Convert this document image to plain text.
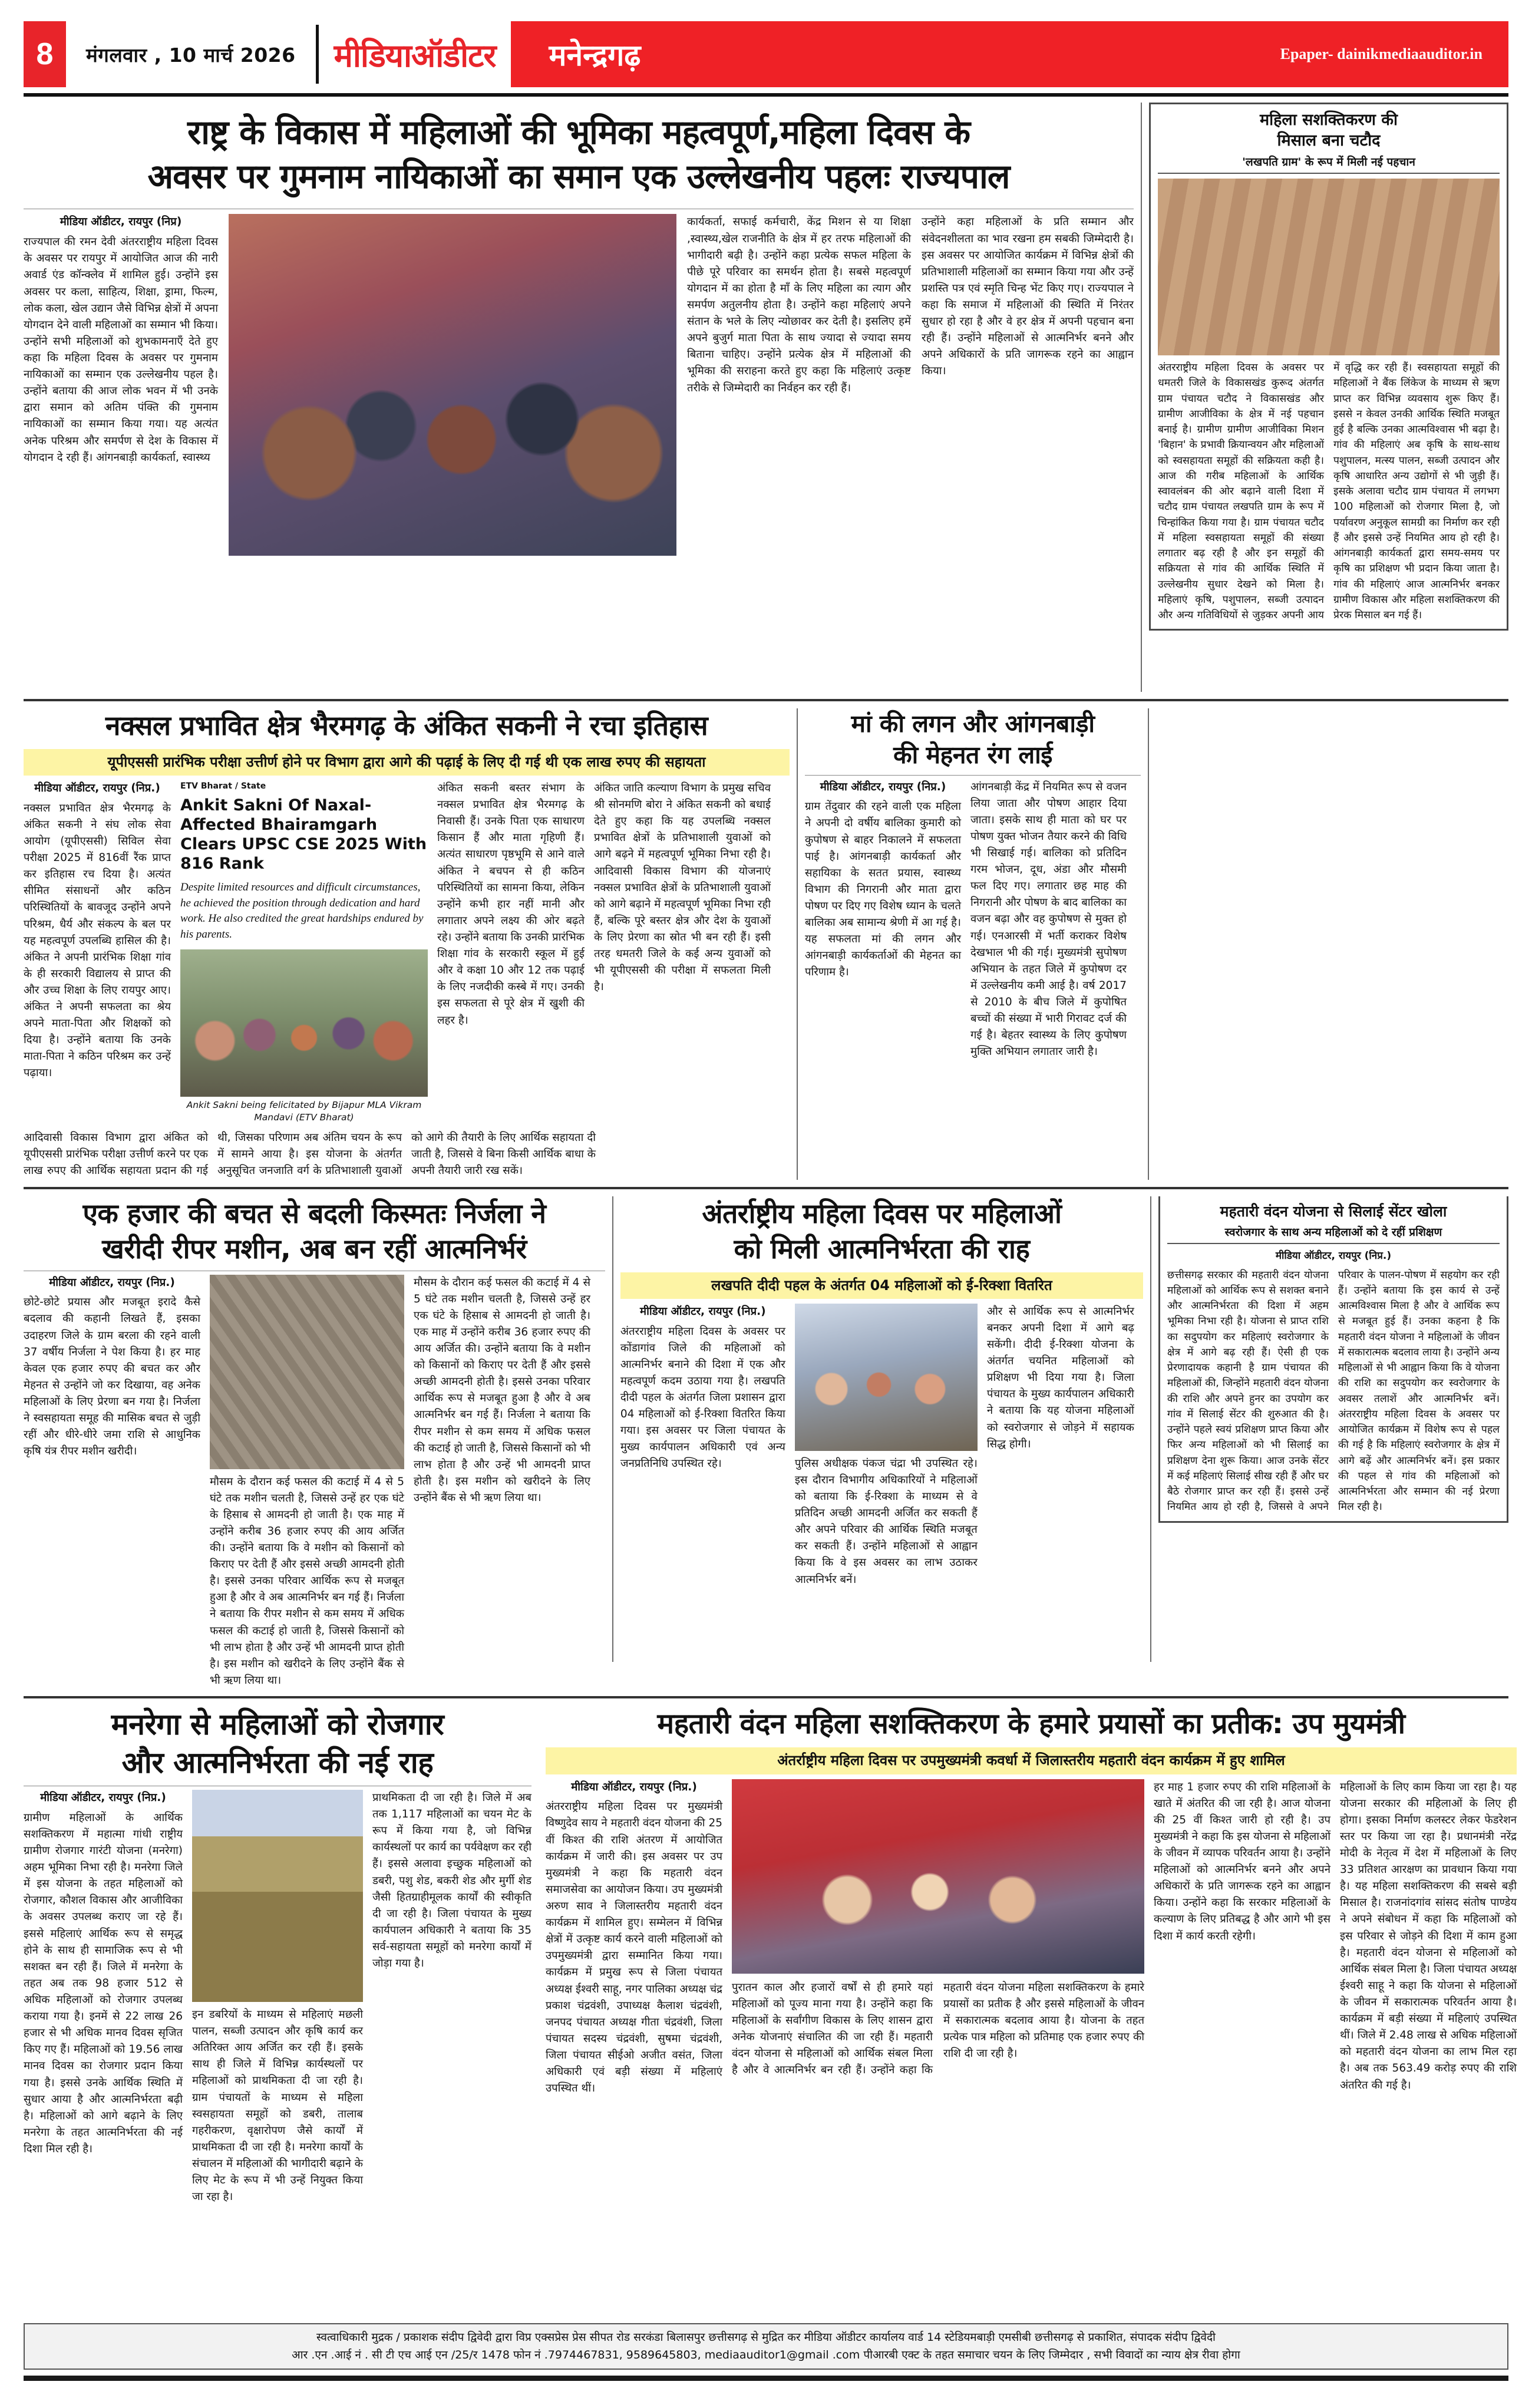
8	मंगलवार , 10 मार्च 2026	मीडियाऑडीटर	मनेन्द्रगढ़	Epaper- dainikmediaauditor.in
राष्ट्र के विकास में महिलाओं की भूमिका महत्वपूर्ण,महिला दिवस के
अवसर पर गुमनाम नायिकाओं का समान एक उल्लेखनीय पहलः राज्यपाल
मीडिया ऑडीटर, रायपुर (निप्र)
राज्यपाल की रमन देवी अंतरराष्ट्रीय महिला दिवस के अवसर पर रायपुर में आयोजित आज की नारी अवार्ड एंड कॉन्क्लेव में शामिल हुई। उन्होंने इस अवसर पर कला, साहित्य, शिक्षा, ड्रामा, फिल्म, लोक कला, खेल उद्यान जैसे विभिन्न क्षेत्रों में अपना योगदान देने वाली महिलाओं का सम्मान भी किया। उन्होंने सभी महिलाओं को शुभकामनाएँ देते हुए कहा कि महिला दिवस के अवसर पर गुमनाम नायिकाओं का सम्मान एक उल्लेखनीय पहल है। उन्होंने बताया की आज लोक भवन में भी उनके द्वारा समान को अतिम पंक्ति की गुमनाम नायिकाओं का सम्मान किया गया। यह अत्यंत अनेक परिश्रम और समर्पण से देश के विकास में योगदान दे रही हैं। आंगनबाड़ी कार्यकर्ता, स्वास्थ्य
कार्यकर्ता, सफाई कर्मचारी, केंद्र मिशन से या शिक्षा ,स्वास्थ्य,खेल राजनीति के क्षेत्र में हर तरफ महिलाओं की भागीदारी बढ़ी है। उन्होंने कहा प्रत्येक सफल महिला के पीछे पूरे परिवार का समर्थन होता है। सबसे महत्वपूर्ण योगदान में का होता है माँ के लिए महिला का त्याग और समर्पण अतुलनीय होता है। उन्होंने कहा महिलाएं अपने संतान के भले के लिए न्योछावर कर देती है। इसलिए हमें अपने बुजुर्ग माता पिता के साथ ज्यादा से ज्यादा समय बिताना चाहिए। उन्होंने प्रत्येक क्षेत्र में महिलाओं की भूमिका की सराहना करते हुए कहा कि महिलाएं उत्कृष्ट तरीके से जिम्मेदारी का निर्वहन कर रही हैं।
उन्होंने कहा महिलाओं के प्रति सम्मान और संवेदनशीलता का भाव रखना हम सबकी जिम्मेदारी है। इस अवसर पर आयोजित कार्यक्रम में विभिन्न क्षेत्रों की प्रतिभाशाली महिलाओं का सम्मान किया गया और उन्हें प्रशस्ति पत्र एवं स्मृति चिन्ह भेंट किए गए। राज्यपाल ने कहा कि समाज में महिलाओं की स्थिति में निरंतर सुधार हो रहा है और वे हर क्षेत्र में अपनी पहचान बना रही हैं। उन्होंने महिलाओं से आत्मनिर्भर बनने और अपने अधिकारों के प्रति जागरूक रहने का आह्वान किया।
महिला सशक्तिकरण की
मिसाल बना चटौद
'लखपति ग्राम' के रूप में मिली नई पहचान
अंतरराष्ट्रीय महिला दिवस के अवसर पर धमतरी जिले के विकासखंड कुरूद अंतर्गत ग्राम पंचायत चटौद ने विकासखंड और ग्रामीण आजीविका के क्षेत्र में नई पहचान बनाई है। ग्रामीण ग्रामीण आजीविका मिशन 'बिहान' के प्रभावी क्रियान्वयन और महिलाओं को स्वसहायता समूहों की सक्रियता कही है। आज की गरीब महिलाओं के आर्थिक स्वावलंबन की ओर बढ़ाने वाली दिशा में चटौद ग्राम पंचायत लखपति ग्राम के रूप में चिन्हांकित किया गया है। ग्राम पंचायत चटौद में महिला स्वसहायता समूहों की संख्या लगातार बढ़ रही है और इन समूहों की सक्रियता से गांव की आर्थिक स्थिति में उल्लेखनीय सुधार देखने को मिला है। महिलाएं कृषि, पशुपालन, सब्जी उत्पादन और अन्य गतिविधियों से जुड़कर अपनी आय में वृद्धि कर रही हैं। स्वसहायता समूहों की महिलाओं ने बैंक लिंकेज के माध्यम से ऋण प्राप्त कर विभिन्न व्यवसाय शुरू किए हैं। इससे न केवल उनकी आर्थिक स्थिति मजबूत हुई है बल्कि उनका आत्मविश्वास भी बढ़ा है। गांव की महिलाएं अब कृषि के साथ-साथ पशुपालन, मत्स्य पालन, सब्जी उत्पादन और कृषि आधारित अन्य उद्योगों से भी जुड़ी हैं। इसके अलावा चटौद ग्राम पंचायत में लगभग 100 महिलाओं को रोजगार मिला है, जो पर्यावरण अनुकूल सामग्री का निर्माण कर रही हैं और इससे उन्हें नियमित आय हो रही है। आंगनबाड़ी कार्यकर्ता द्वारा समय-समय पर कृषि का प्रशिक्षण भी प्रदान किया जाता है। गांव की महिलाएं आज आत्मनिर्भर बनकर ग्रामीण विकास और महिला सशक्तिकरण की प्रेरक मिसाल बन गई हैं।
नक्सल प्रभावित क्षेत्र भैरमगढ़ के अंकित सकनी ने रचा इतिहास
यूपीएससी प्रारंभिक परीक्षा उत्तीर्ण होने पर विभाग द्वारा आगे की पढ़ाई के लिए दी गई थी एक लाख रुपए की सहायता
मीडिया ऑडीटर, रायपुर (निप्र.)
नक्सल प्रभावित क्षेत्र भैरमगढ़ के अंकित सकनी ने संघ लोक सेवा आयोग (यूपीएससी) सिविल सेवा परीक्षा 2025 में 816वीं रैंक प्राप्त कर इतिहास रच दिया है। अत्यंत सीमित संसाधनों और कठिन परिस्थितियों के बावजूद उन्होंने अपने परिश्रम, धैर्य और संकल्प के बल पर यह महत्वपूर्ण उपलब्धि हासिल की है। अंकित ने अपनी प्रारंभिक शिक्षा गांव के ही सरकारी विद्यालय से प्राप्त की और उच्च शिक्षा के लिए रायपुर आए। अंकित ने अपनी सफलता का श्रेय अपने माता-पिता और शिक्षकों को दिया है। उन्होंने बताया कि उनके माता-पिता ने कठिन परिश्रम कर उन्हें पढ़ाया।
ETV Bharat / State
Ankit Sakni Of Naxal-Affected Bhairamgarh Clears UPSC CSE 2025 With 816 Rank
Despite limited resources and difficult circumstances, he achieved the position through dedication and hard work. He also credited the great hardships endured by his parents.
Ankit Sakni being felicitated by Bijapur MLA Vikram Mandavi (ETV Bharat)
अंकित सकनी बस्तर संभाग के नक्सल प्रभावित क्षेत्र भैरमगढ़ के निवासी हैं। उनके पिता एक साधारण किसान हैं और माता गृहिणी हैं। अत्यंत साधारण पृष्ठभूमि से आने वाले अंकित ने बचपन से ही कठिन परिस्थितियों का सामना किया, लेकिन उन्होंने कभी हार नहीं मानी और लगातार अपने लक्ष्य की ओर बढ़ते रहे। उन्होंने बताया कि उनकी प्रारंभिक शिक्षा गांव के सरकारी स्कूल में हुई और वे कक्षा 10 और 12 तक पढ़ाई के लिए नजदीकी कस्बे में गए। उनकी इस सफलता से पूरे क्षेत्र में खुशी की लहर है।
अंकित जाति कल्याण विभाग के प्रमुख सचिव श्री सोनमणि बोरा ने अंकित सकनी को बधाई देते हुए कहा कि यह उपलब्धि नक्सल प्रभावित क्षेत्रों के प्रतिभाशाली युवाओं को आगे बढ़ने में महत्वपूर्ण भूमिका निभा रही है। आदिवासी विकास विभाग की योजनाएं नक्सल प्रभावित क्षेत्रों के प्रतिभाशाली युवाओं को आगे बढ़ाने में महत्वपूर्ण भूमिका निभा रही हैं, बल्कि पूरे बस्तर क्षेत्र और देश के युवाओं के लिए प्रेरणा का स्रोत भी बन रही हैं। इसी तरह धमतरी जिले के कई अन्य युवाओं को भी यूपीएससी की परीक्षा में सफलता मिली है।
आदिवासी विकास विभाग द्वारा अंकित को यूपीएससी प्रारंभिक परीक्षा उत्तीर्ण करने पर एक लाख रुपए की आर्थिक सहायता प्रदान की गई थी, जिसका परिणाम अब अंतिम चयन के रूप में सामने आया है। इस योजना के अंतर्गत अनुसूचित जनजाति वर्ग के प्रतिभाशाली युवाओं को आगे की तैयारी के लिए आर्थिक सहायता दी जाती है, जिससे वे बिना किसी आर्थिक बाधा के अपनी तैयारी जारी रख सकें।
मां की लगन और आंगनबाड़ी
की मेहनत रंग लाई
मीडिया ऑडीटर, रायपुर (निप्र.)
ग्राम तेंदुवार की रहने वाली एक महिला ने अपनी दो वर्षीय बालिका कुमारी को कुपोषण से बाहर निकालने में सफलता पाई है। आंगनबाड़ी कार्यकर्ता और सहायिका के सतत प्रयास, स्वास्थ्य विभाग की निगरानी और माता द्वारा पोषण पर दिए गए विशेष ध्यान के चलते बालिका अब सामान्य श्रेणी में आ गई है। यह सफलता मां की लगन और आंगनबाड़ी कार्यकर्ताओं की मेहनत का परिणाम है।
आंगनबाड़ी केंद्र में नियमित रूप से वजन लिया जाता और पोषण आहार दिया जाता। इसके साथ ही माता को घर पर पोषण युक्त भोजन तैयार करने की विधि भी सिखाई गई। बालिका को प्रतिदिन गरम भोजन, दूध, अंडा और मौसमी फल दिए गए। लगातार छह माह की निगरानी और पोषण के बाद बालिका का वजन बढ़ा और वह कुपोषण से मुक्त हो गई। एनआरसी में भर्ती कराकर विशेष देखभाल भी की गई। मुख्यमंत्री सुपोषण अभियान के तहत जिले में कुपोषण दर में उल्लेखनीय कमी आई है। वर्ष 2017 से 2010 के बीच जिले में कुपोषित बच्चों की संख्या में भारी गिरावट दर्ज की गई है। बेहतर स्वास्थ्य के लिए कुपोषण मुक्ति अभियान लगातार जारी है।
एक हजार की बचत से बदली किस्मतः निर्जला ने
खरीदी रीपर मशीन, अब बन रहीं आत्मनिर्भरं
मीडिया ऑडीटर, रायपुर (निप्र.)
छोटे-छोटे प्रयास और मजबूत इरादे कैसे बदलाव की कहानी लिखते हैं, इसका उदाहरण जिले के ग्राम बरला की रहने वाली 37 वर्षीय निर्जला ने पेश किया है। हर माह केवल एक हजार रुपए की बचत कर और मेहनत से उन्होंने जो कर दिखाया, वह अनेक महिलाओं के लिए प्रेरणा बन गया है। निर्जला ने स्वसहायता समूह की मासिक बचत से जुड़ी रहीं और धीरे-धीरे जमा राशि से आधुनिक कृषि यंत्र रीपर मशीन खरीदी।
मौसम के दौरान कई फसल की कटाई में 4 से 5 घंटे तक मशीन चलती है, जिससे उन्हें हर एक घंटे के हिसाब से आमदनी हो जाती है। एक माह में उन्होंने करीब 36 हजार रुपए की आय अर्जित की। उन्होंने बताया कि वे मशीन को किसानों को किराए पर देती हैं और इससे अच्छी आमदनी होती है। इससे उनका परिवार आर्थिक रूप से मजबूत हुआ है और वे अब आत्मनिर्भर बन गई हैं। निर्जला ने बताया कि रीपर मशीन से कम समय में अधिक फसल की कटाई हो जाती है, जिससे किसानों को भी लाभ होता है और उन्हें भी आमदनी प्राप्त होती है। इस मशीन को खरीदने के लिए उन्होंने बैंक से भी ऋण लिया था।
मौसम के दौरान कई फसल की कटाई में 4 से 5 घंटे तक मशीन चलती है, जिससे उन्हें हर एक घंटे के हिसाब से आमदनी हो जाती है। एक माह में उन्होंने करीब 36 हजार रुपए की आय अर्जित की। उन्होंने बताया कि वे मशीन को किसानों को किराए पर देती हैं और इससे अच्छी आमदनी होती है। इससे उनका परिवार आर्थिक रूप से मजबूत हुआ है और वे अब आत्मनिर्भर बन गई हैं। निर्जला ने बताया कि रीपर मशीन से कम समय में अधिक फसल की कटाई हो जाती है, जिससे किसानों को भी लाभ होता है और उन्हें भी आमदनी प्राप्त होती है। इस मशीन को खरीदने के लिए उन्होंने बैंक से भी ऋण लिया था।
अंतर्राष्ट्रीय महिला दिवस पर महिलाओं
को मिली आत्मनिर्भरता की राह
लखपति दीदी पहल के अंतर्गत 04 महिलाओं को ई-रिक्शा वितरित
मीडिया ऑडीटर, रायपुर (निप्र.)
अंतरराष्ट्रीय महिला दिवस के अवसर पर कोंडागांव जिले की महिलाओं को आत्मनिर्भर बनाने की दिशा में एक और महत्वपूर्ण कदम उठाया गया है। लखपति दीदी पहल के अंतर्गत जिला प्रशासन द्वारा 04 महिलाओं को ई-रिक्शा वितरित किया गया। इस अवसर पर जिला पंचायत के मुख्य कार्यपालन अधिकारी एवं अन्य जनप्रतिनिधि उपस्थित रहे।	पुलिस अधीक्षक पंकज चंद्रा भी उपस्थित रहे। इस दौरान विभागीय अधिकारियों ने महिलाओं को बताया कि ई-रिक्शा के माध्यम से वे प्रतिदिन अच्छी आमदनी अर्जित कर सकती हैं और अपने परिवार की आर्थिक स्थिति मजबूत कर सकती हैं। उन्होंने महिलाओं से आह्वान किया कि वे इस अवसर का लाभ उठाकर आत्मनिर्भर बनें।
और से आर्थिक रूप से आत्मनिर्भर बनकर अपनी दिशा में आगे बढ़ सकेंगी। दीदी ई-रिक्शा योजना के अंतर्गत चयनित महिलाओं को प्रशिक्षण भी दिया गया है। जिला पंचायत के मुख्य कार्यपालन अधिकारी ने बताया कि यह योजना महिलाओं को स्वरोजगार से जोड़ने में सहायक सिद्ध होगी।
महतारी वंदन योजना से सिलाई सेंटर खोला
स्वरोजगार के साथ अन्य महिलाओं को दे रहीं प्रशिक्षण
मीडिया ऑडीटर, रायपुर (निप्र.)
छत्तीसगढ़ सरकार की महतारी वंदन योजना महिलाओं को आर्थिक रूप से सशक्त बनाने और आत्मनिर्भरता की दिशा में अहम भूमिका निभा रही है। योजना से प्राप्त राशि का सदुपयोग कर महिलाएं स्वरोजगार के क्षेत्र में आगे बढ़ रही हैं। ऐसी ही एक प्रेरणादायक कहानी है ग्राम पंचायत की महिलाओं की, जिन्होंने महतारी वंदन योजना की राशि और अपने हुनर का उपयोग कर गांव में सिलाई सेंटर की शुरुआत की है। उन्होंने पहले स्वयं प्रशिक्षण प्राप्त किया और फिर अन्य महिलाओं को भी सिलाई का प्रशिक्षण देना शुरू किया। आज उनके सेंटर में कई महिलाएं सिलाई सीख रही हैं और घर बैठे रोजगार प्राप्त कर रही हैं। इससे उन्हें नियमित आय हो रही है, जिससे वे अपने परिवार के पालन-पोषण में सहयोग कर रही हैं। उन्होंने बताया कि इस कार्य से उन्हें आत्मविश्वास मिला है और वे आर्थिक रूप से मजबूत हुई हैं। उनका कहना है कि महतारी वंदन योजना ने महिलाओं के जीवन में सकारात्मक बदलाव लाया है। उन्होंने अन्य महिलाओं से भी आह्वान किया कि वे योजना की राशि का सदुपयोग कर स्वरोजगार के अवसर तलाशें और आत्मनिर्भर बनें। अंतरराष्ट्रीय महिला दिवस के अवसर पर आयोजित कार्यक्रम में विशेष रूप से पहल की गई है कि महिलाएं स्वरोजगार के क्षेत्र में आगे बढ़ें और आत्मनिर्भर बनें। इस प्रकार की पहल से गांव की महिलाओं को आत्मनिर्भरता और सम्मान की नई प्रेरणा मिल रही है।
मनरेगा से महिलाओं को रोजगार
और आत्मनिर्भरता की नई राह
मीडिया ऑडीटर, रायपुर (निप्र.)
ग्रामीण महिलाओं के आर्थिक सशक्तिकरण में महात्मा गांधी राष्ट्रीय ग्रामीण रोजगार गारंटी योजना (मनरेगा) अहम भूमिका निभा रही है। मनरेगा जिले में इस योजना के तहत महिलाओं को रोजगार, कौशल विकास और आजीविका के अवसर उपलब्ध कराए जा रहे हैं। इससे महिलाएं आर्थिक रूप से समृद्ध होने के साथ ही सामाजिक रूप से भी सशक्त बन रही हैं। जिले में मनरेगा के तहत अब तक 98 हजार 512 से अधिक महिलाओं को रोजगार उपलब्ध कराया गया है। इनमें से 22 लाख 26 हजार से भी अधिक मानव दिवस सृजित किए गए हैं। महिलाओं को 19.56 लाख मानव दिवस का रोजगार प्रदान किया गया है। इससे उनके आर्थिक स्थिति में सुधार आया है और आत्मनिर्भरता बढ़ी है। महिलाओं को आगे बढ़ाने के लिए मनरेगा के तहत आत्मनिर्भरता की नई दिशा मिल रही है।
इन डबरियों के माध्यम से महिलाएं मछली पालन, सब्जी उत्पादन और कृषि कार्य कर अतिरिक्त आय अर्जित कर रही हैं। इसके साथ ही जिले में विभिन्न कार्यस्थलों पर महिलाओं को प्राथमिकता दी जा रही है। ग्राम पंचायतों के माध्यम से महिला स्वसहायता समूहों को डबरी, तालाब गहरीकरण, वृक्षारोपण जैसे कार्यों में प्राथमिकता दी जा रही है। मनरेगा कार्यों के संचालन में महिलाओं की भागीदारी बढ़ाने के लिए मेट के रूप में भी उन्हें नियुक्त किया जा रहा है।
प्राथमिकता दी जा रही है। जिले में अब तक 1,117 महिलाओं का चयन मेट के रूप में किया गया है, जो विभिन्न कार्यस्थलों पर कार्य का पर्यवेक्षण कर रही हैं। इससे अलावा इच्छुक महिलाओं को डबरी, पशु शेड, बकरी शेड और मुर्गी शेड जैसी हितग्राहीमूलक कार्यों की स्वीकृति दी जा रही है। जिला पंचायत के मुख्य कार्यपालन अधिकारी ने बताया कि 35 सर्व-सहायता समूहों को मनरेगा कार्यों में जोड़ा गया है।
महतारी वंदन महिला सशक्तिकरण के हमारे प्रयासों का प्रतीक: उप मुयमंत्री
अंतर्राष्ट्रीय महिला दिवस पर उपमुख्यमंत्री कवर्धा में जिलास्तरीय महतारी वंदन कार्यक्रम में हुए शामिल
मीडिया ऑडीटर, रायपुर (निप्र.)
अंतरराष्ट्रीय महिला दिवस पर मुख्यमंत्री विष्णुदेव साय ने महतारी वंदन योजना की 25 वीं किश्त की राशि अंतरण में आयोजित कार्यक्रम में जारी की। इस अवसर पर उप मुख्यमंत्री ने कहा कि महतारी वंदन समाजसेवा का आयोजन किया। उप मुख्यमंत्री अरुण साव ने जिलास्तरीय महतारी वंदन कार्यक्रम में शामिल हुए। सम्मेलन में विभिन्न क्षेत्रों में उत्कृष्ट कार्य करने वाली महिलाओं को उपमुख्यमंत्री द्वारा सम्मानित किया गया। कार्यक्रम में प्रमुख रूप से जिला पंचायत अध्यक्ष ईश्वरी साहू, नगर पालिका अध्यक्ष चंद्र प्रकाश चंद्रवंशी, उपाध्यक्ष कैलाश चंद्रवंशी, जनपद पंचायत अध्यक्ष गीता चंद्रवंशी, जिला पंचायत सदस्य चंद्रवंशी, सुषमा चंद्रवंशी, जिला पंचायत सीईओ अजीत वसंत, जिला अधिकारी एवं बड़ी संख्या में महिलाएं उपस्थित थीं।
पुरातन काल और हजारों वर्षों से ही हमारे यहां महिलाओं को पूज्य माना गया है। उन्होंने कहा कि महिलाओं के सर्वांगीण विकास के लिए शासन द्वारा अनेक योजनाएं संचालित की जा रही हैं। महतारी वंदन योजना से महिलाओं को आर्थिक संबल मिला है और वे आत्मनिर्भर बन रही हैं। उन्होंने कहा कि महतारी वंदन योजना महिला सशक्तिकरण के हमारे प्रयासों का प्रतीक है और इससे महिलाओं के जीवन में सकारात्मक बदलाव आया है। योजना के तहत प्रत्येक पात्र महिला को प्रतिमाह एक हजार रुपए की राशि दी जा रही है।
हर माह 1 हजार रुपए की राशि महिलाओं के खाते में अंतरित की जा रही है। आज योजना की 25 वीं किश्त जारी हो रही है। उप मुख्यमंत्री ने कहा कि इस योजना से महिलाओं के जीवन में व्यापक परिवर्तन आया है। उन्होंने महिलाओं को आत्मनिर्भर बनने और अपने अधिकारों के प्रति जागरूक रहने का आह्वान किया। उन्होंने कहा कि सरकार महिलाओं के कल्याण के लिए प्रतिबद्ध है और आगे भी इस दिशा में कार्य करती रहेगी।
महिलाओं के लिए काम किया जा रहा है। यह योजना सरकार की महिलाओं के लिए ही होगा। इसका निर्माण कलस्टर लेकर फेडरेशन स्तर पर किया जा रहा है। प्रधानमंत्री नरेंद्र मोदी के नेतृत्व में देश में महिलाओं के लिए 33 प्रतिशत आरक्षण का प्रावधान किया गया है। यह महिला सशक्तिकरण की सबसे बड़ी मिसाल है। राजनांदगांव सांसद संतोष पाण्डेय ने अपने संबोधन में कहा कि महिलाओं को इस परिवार से जोड़ने की दिशा में काम हुआ है। महतारी वंदन योजना से महिलाओं को आर्थिक संबल मिला है। जिला पंचायत अध्यक्ष ईश्वरी साहू ने कहा कि योजना से महिलाओं के जीवन में सकारात्मक परिवर्तन आया है। कार्यक्रम में बड़ी संख्या में महिलाएं उपस्थित थीं। जिले में 2.48 लाख से अधिक महिलाओं को महतारी वंदन योजना का लाभ मिल रहा है। अब तक 563.49 करोड़ रुपए की राशि अंतरित की गई है।
स्वत्वाधिकारी मुद्रक / प्रकाशक संदीप द्विवेदी द्वारा विप्र एक्सप्रेस प्रेस सीपत रोड सरकंडा बिलासपुर छत्तीसगढ़ से मुद्रित कर मीडिया ऑडीटर कार्यालय वार्ड 14 स्टेडियमबाड़ी एमसीबी छत्तीसगढ़ से प्रकाशित, संपादक संदीप द्विवेदी
आर .एन .आई नं . सी टी एच आई एन /25/र 1478 फोन नं .7974467831, 9589645803, mediaauditor1@gmail .com पीआरबी एक्ट के तहत समाचार चयन के लिए जिम्मेदार , सभी विवादों का न्याय क्षेत्र रीवा होगा
